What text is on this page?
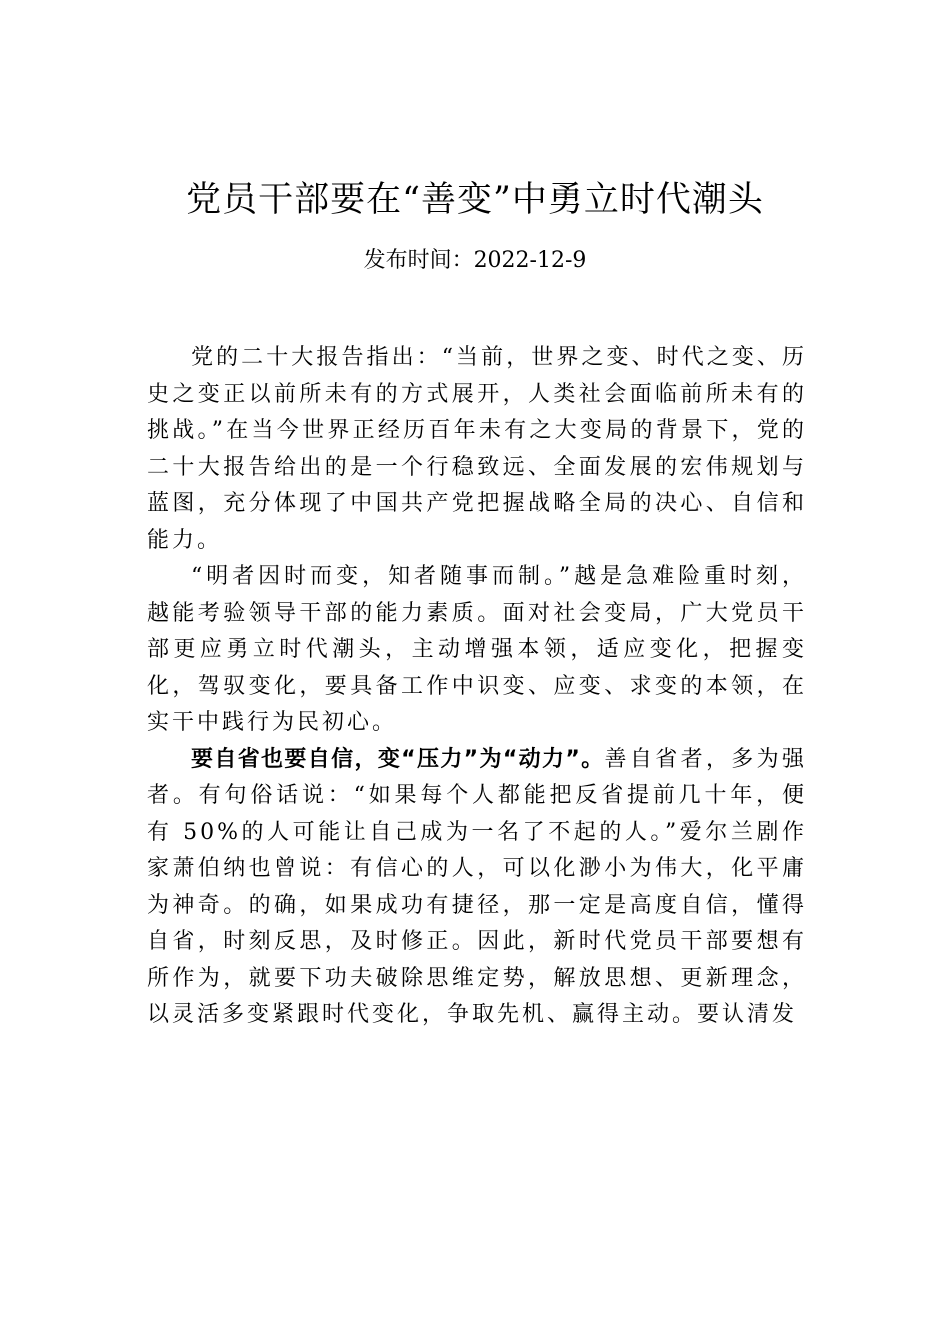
党员干部要在“善变”中勇立时代潮头
发布时间：2022-12-9

党的二十大报告指出：“当前，世界之变、时代之变、历史之变正以前所未有的方式展开，人类社会面临前所未有的挑战。”在当今世界正经历百年未有之大变局的背景下，党的二十大报告给出的是一个行稳致远、全面发展的宏伟规划与蓝图，充分体现了中国共产党把握战略全局的决心、自信和能力。

“明者因时而变，知者随事而制。”越是急难险重时刻，越能考验领导干部的能力素质。面对社会变局，广大党员干部更应勇立时代潮头，主动增强本领，适应变化，把握变化，驾驭变化，要具备工作中识变、应变、求变的本领，在实干中践行为民初心。

要自省也要自信，变“压力”为“动力”。善自省者，多为强者。有句俗话说：“如果每个人都能把反省提前几十年，便有 50%的人可能让自己成为一名了不起的人。”爱尔兰剧作家萧伯纳也曾说：有信心的人，可以化渺小为伟大，化平庸为神奇。的确，如果成功有捷径，那一定是高度自信，懂得自省，时刻反思，及时修正。因此，新时代党员干部要想有所作为，就要下功夫破除思维定势，解放思想、更新理念，以灵活多变紧跟时代变化，争取先机、赢得主动。要认清发
